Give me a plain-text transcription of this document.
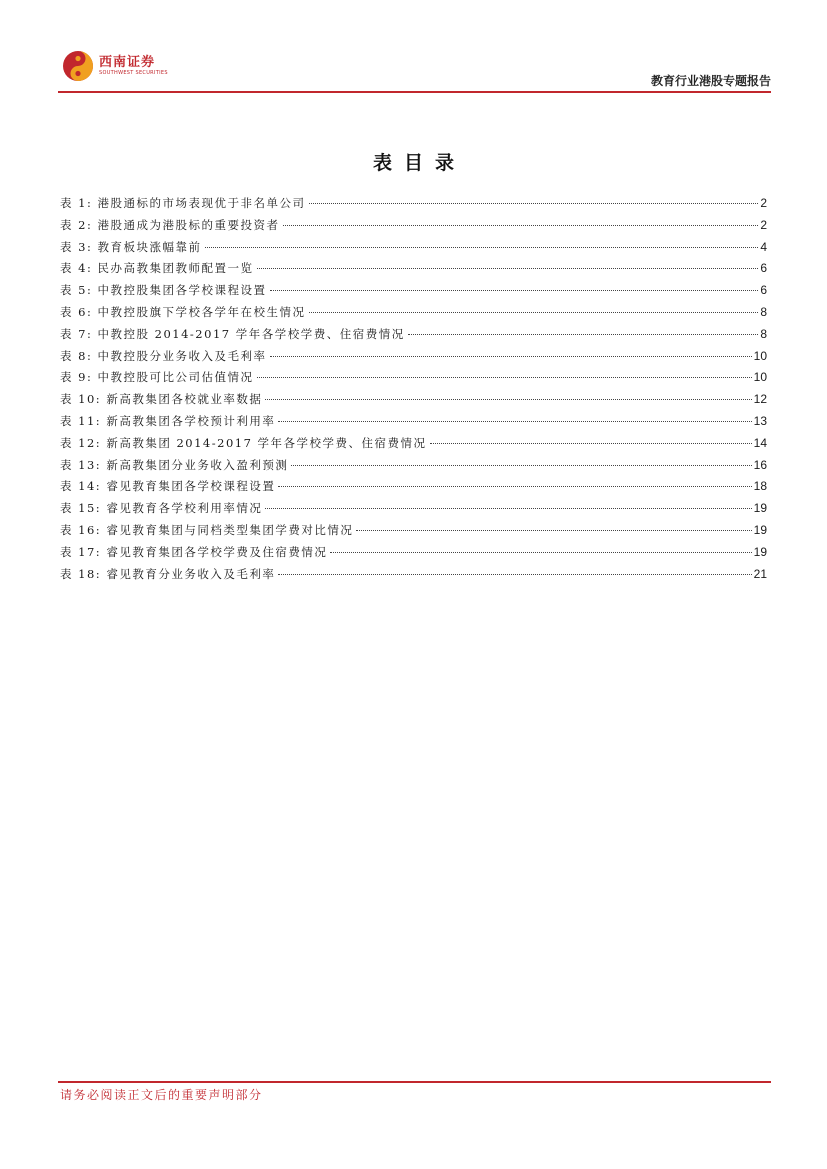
西南证券
SOUTHWEST SECURITIES
教育行业港股专题报告
表目录
表 1: 港股通标的市场表现优于非名单公司	2
表 2: 港股通成为港股标的重要投资者	2
表 3: 教育板块涨幅靠前	4
表 4: 民办高教集团教师配置一览	6
表 5: 中教控股集团各学校课程设置	6
表 6: 中教控股旗下学校各学年在校生情况	8
表 7: 中教控股 2014-2017 学年各学校学费、住宿费情况	8
表 8: 中教控股分业务收入及毛利率	10
表 9: 中教控股可比公司估值情况	10
表 10: 新高教集团各校就业率数据	12
表 11: 新高教集团各学校预计利用率	13
表 12: 新高教集团 2014-2017 学年各学校学费、住宿费情况	14
表 13: 新高教集团分业务收入盈利预测	16
表 14: 睿见教育集团各学校课程设置	18
表 15: 睿见教育各学校利用率情况	19
表 16: 睿见教育集团与同档类型集团学费对比情况	19
表 17: 睿见教育集团各学校学费及住宿费情况	19
表 18: 睿见教育分业务收入及毛利率	21
请务必阅读正文后的重要声明部分
